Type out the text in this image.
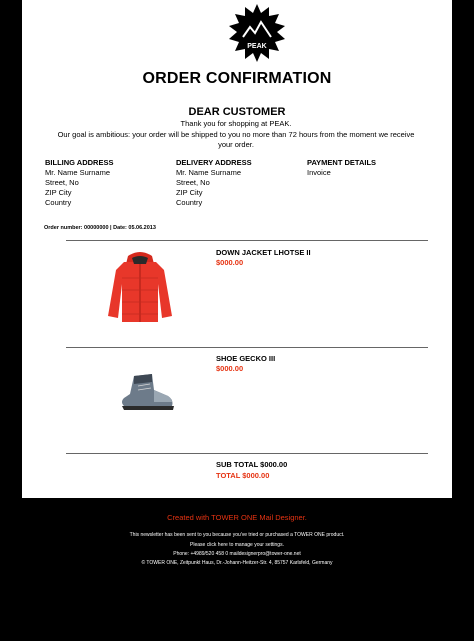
PEAK
ORDER CONFIRMATION
DEAR CUSTOMER
Thank you for shopping at PEAK.
Our goal is ambitious: your order will be shipped to you no more than 72 hours from the moment we receive your order.
BILLING ADDRESS
Mr. Name Surname
Street, No
ZIP City
Country
DELIVERY ADDRESS
Mr. Name Surname
Street, No
ZIP City
Country
PAYMENT DETAILS
Invoice
Order number: 00000000 | Date: 05.06.2013
DOWN JACKET LHOTSE II
$000.00
SHOE GECKO III
$000.00
SUB TOTAL $000.00
TOTAL $000.00
Created with TOWER ONE Mail Designer.
This newsletter has been sent to you because you've tried or purchased a TOWER ONE product.
Please click here to manage your settings.
Phone: +4989/520 458 0 maildesignerpro@tower-one.net
© TOWER ONE, Zeitpunkt Haus, Dr.-Johann-Heitzer-Str. 4, 85757 Karlsfeld, Germany
